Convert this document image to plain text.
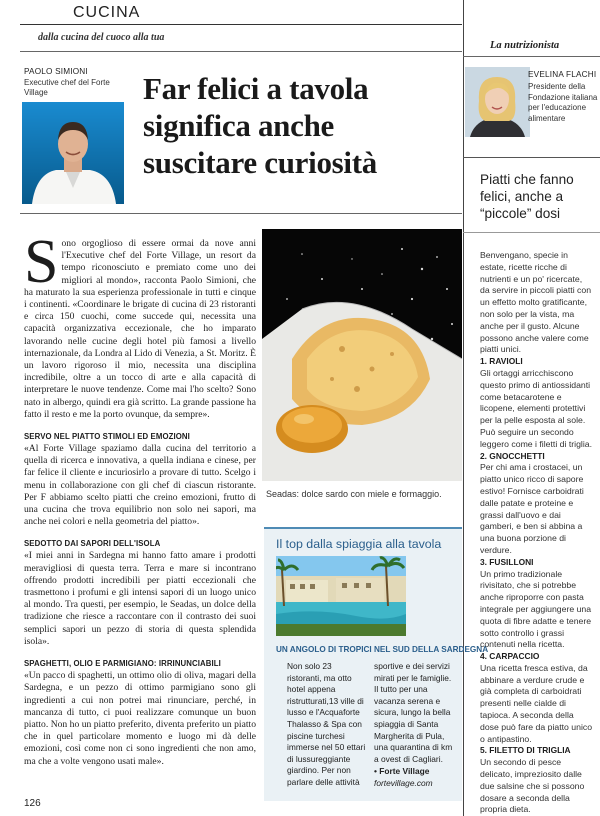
CUCINA
dalla cucina del cuoco alla tua
La nutrizionista
PAOLO SIMIONI
Executive chef del Forte Village	Far felici a tavola significa anche suscitare curiosità
S ono orgoglioso di essere ormai da nove anni l'Executive chef del Forte Village, un resort da tempo riconosciuto e premiato come uno dei migliori al mondo», racconta Paolo Simioni, che ha maturato la sua esperienza professionale in tutti e cinque i continenti. «Coordinare le brigate di cucina di 23 ristoranti e circa 150 cuochi, come succede qui, necessita una capacità organizzativa eccezionale, che ho imparato lavorando nelle cucine degli hotel più famosi a livello internazionale, da Londra al Lido di Venezia, a St. Moritz. È un lavoro rigoroso il mio, necessita una disciplina incredibile, oltre a un tocco di arte e alla capacità di interpretare le nuove tendenze. Come mai l'ho scelto? Sono nato in albergo, quindi era già scritto. La grande passione ha fatto il resto e me la porto ovunque, da sempre».

SERVO NEL PIATTO STIMOLI ED EMOZIONI

«Al Forte Village spaziamo dalla cucina del territorio a quella di ricerca e innovativa, a quella indiana e cinese, per far felice il cliente e incuriosirlo a provare di tutto. Scelgo i menu in collaborazione con gli chef di ciascun ristorante. Per F abbiamo scelto piatti che creino emozioni, frutto di una cucina che trova equilibrio non solo nei sapori, ma anche nei colori e nella geometria del piatto».

SEDOTTO DAI SAPORI DELL'ISOLA

«I miei anni in Sardegna mi hanno fatto amare i prodotti meravigliosi di questa terra. Terra e mare si incontrano offrendo prodotti incredibili per piatti eccezionali che trasmettono i profumi e gli intensi sapori di un luogo unico al mondo. Tra questi, per esempio, le Seadas, un dolce della tradizione che riesce a raccontare con il contrasto dei suoi semplici sapori un pezzo di storia di questa splendida isola».

SPAGHETTI, OLIO E PARMIGIANO: IRRINUNCIABILI

«Un pacco di spaghetti, un ottimo olio di oliva, magari della Sardegna, e un pezzo di ottimo parmigiano sono gli ingredienti a cui non potrei mai rinunciare, perché, in mancanza di tutto, ci puoi realizzare comunque un buon piatto. Non ho un piatto preferito, diventa preferito un piatto che in quel particolare momento e luogo mi dà delle emozioni, così come non ci sono ingredienti che non amo, ma che a volte vengono usati male».

Seadas: dolce sardo con miele e formaggio.
Il top dalla spiaggia alla tavola
UN ANGOLO DI TROPICI NEL SUD DELLA SARDEGNA
Non solo 23 ristoranti, ma otto hotel appena ristrutturati,13 ville di lusso e l'Acquaforte Thalasso & Spa con piscine turchesi immerse nel 50 ettari di lussureggiante giardino. Per non parlare delle attività
sportive e dei servizi mirati per le famiglie. Il tutto per una vacanza serena e sicura, lungo la bella spiaggia di Santa Margherita di Pula, una quarantina di km a ovest di Cagliari.
• Forte Village
fortevillage.com
EVELINA FLACHI
Presidente della Fondazione italiana per l'educazione alimentare
Piatti che fanno felici, anche a “piccole” dosi

Benvengano, specie in estate, ricette ricche di nutrienti e un po' ricercate, da servire in piccoli piatti con un effetto molto gratificante, non solo per la vista, ma anche per il gusto. Alcune possono anche valere come piatti unici.

1. RAVIOLI

Gli ortaggi arricchiscono questo primo di antiossidanti come betacarotene e licopene, elementi protettivi per la pelle esposta al sole. Può seguire un secondo leggero come i filetti di triglia.

2. GNOCCHETTI

Per chi ama i crostacei, un piatto unico ricco di sapore estivo! Fornisce carboidrati dalle patate e proteine e grassi dall'uovo e dai gamberi, e ben si abbina a una buona porzione di verdure.

3. FUSILLONI

Un primo tradizionale rivisitato, che si potrebbe anche riproporre con pasta integrale per aggiungere una quota di fibre adatte e tenere sotto controllo i grassi contenuti nella ricetta.

4. CARPACCIO

Una ricetta fresca estiva, da abbinare a verdure crude e già completa di carboidrati presenti nelle cialde di tapioca. A seconda della dose può fare da piatto unico o antipastino.

5. FILETTO DI TRIGLIA

Un secondo di pesce delicato, impreziosito dalle due salsine che si possono dosare a seconda della propria dieta.

126
